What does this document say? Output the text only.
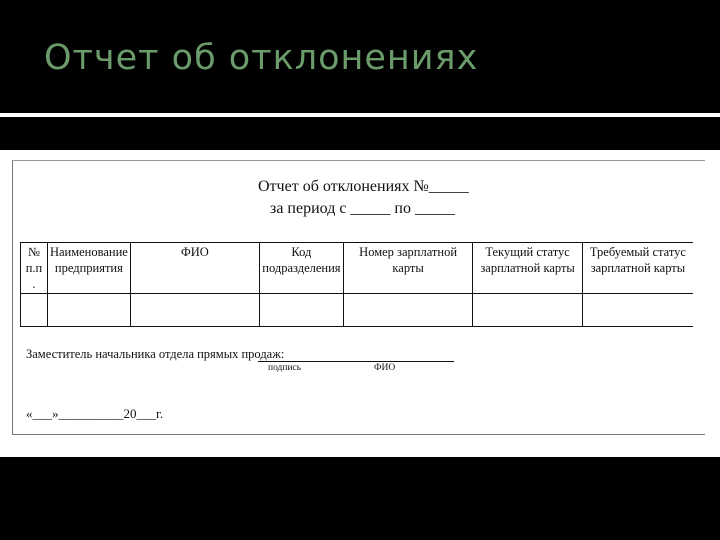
Отчет об отклонениях
Отчет об отклонениях №_____
за период с _____ по _____
№ п.п .	Наименование предприятия	ФИО	Код подразделения	Номер зарплатной карты	Текущий статус зарплатной карты	Требуемый статус зарплатной карты

Заместитель начальника отдела прямых продаж:
подпись	ФИО
«___»__________20___г.
